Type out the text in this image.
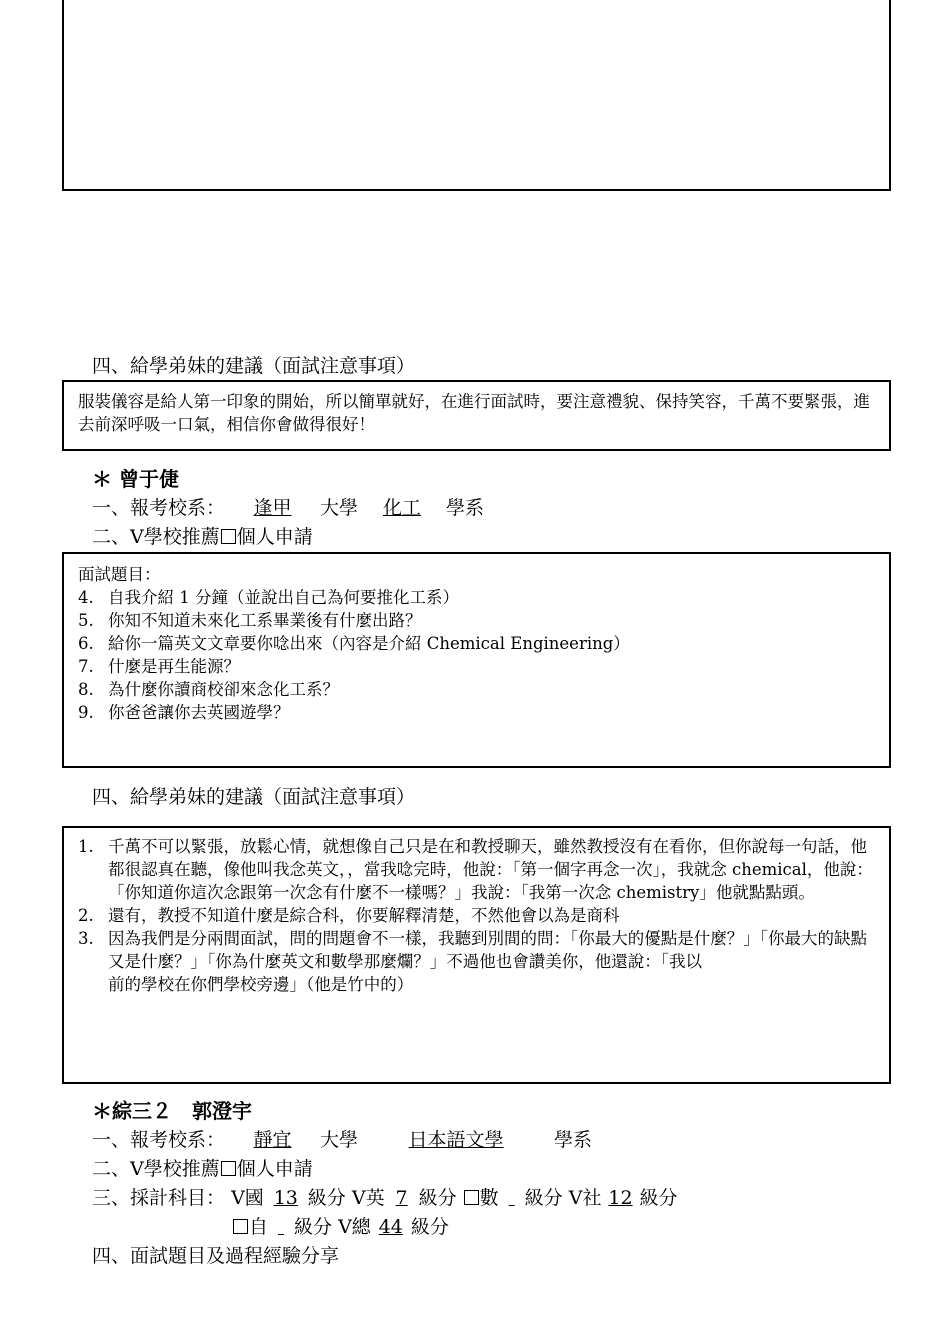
四、給學弟妹的建議（面試注意事項）
服裝儀容是給人第一印象的開始，所以簡單就好，在進行面試時，要注意禮貌、保持笑容，千萬不要緊張，進去前深呼吸一口氣，相信你會做得很好！
＊ 曾于倢
一、報考校系： 逢甲 大學 化工 學系
二、V學校推薦 個人申請
面試題目：
4. 自我介紹 1 分鐘（並說出自己為何要推化工系）
5. 你知不知道未來化工系畢業後有什麼出路？
6. 給你一篇英文文章要你唸出來（內容是介紹 Chemical Engineering）
7. 什麼是再生能源？
8. 為什麼你讀商校卻來念化工系？
9. 你爸爸讓你去英國遊學？
四、給學弟妹的建議（面試注意事項）
1. 千萬不可以緊張，放鬆心情，就想像自己只是在和教授聊天，雖然教授沒有在看你，但你說每一句話，他都很認真在聽，像他叫我念英文，，當我唸完時，他說：「第一個字再念一次」，我就念 chemical，他說：「你知道你這次念跟第一次念有什麼不一樣嗎？」我說：「我第一次念 chemistry」他就點點頭。
2. 還有，教授不知道什麼是綜合科，你要解釋清楚，不然他會以為是商科
3. 因為我們是分兩間面試，問的問題會不一樣，我聽到別間的問：「你最大的優點是什麼？」「你最大的缺點又是什麼？」「你為什麼英文和數學那麼爛？」不過他也會讚美你，他還說：「我以
前的學校在你們學校旁邊」（他是竹中的）
＊綜三２　郭澄宇
一、報考校系： 靜宜 大學	日本語文學	學系
二、V學校推薦 個人申請
三、採計科目： V國 13 級分 V英 7 級分 數 級分 V社 12 級分
自 級分 V總 44 級分
四、面試題目及過程經驗分享
